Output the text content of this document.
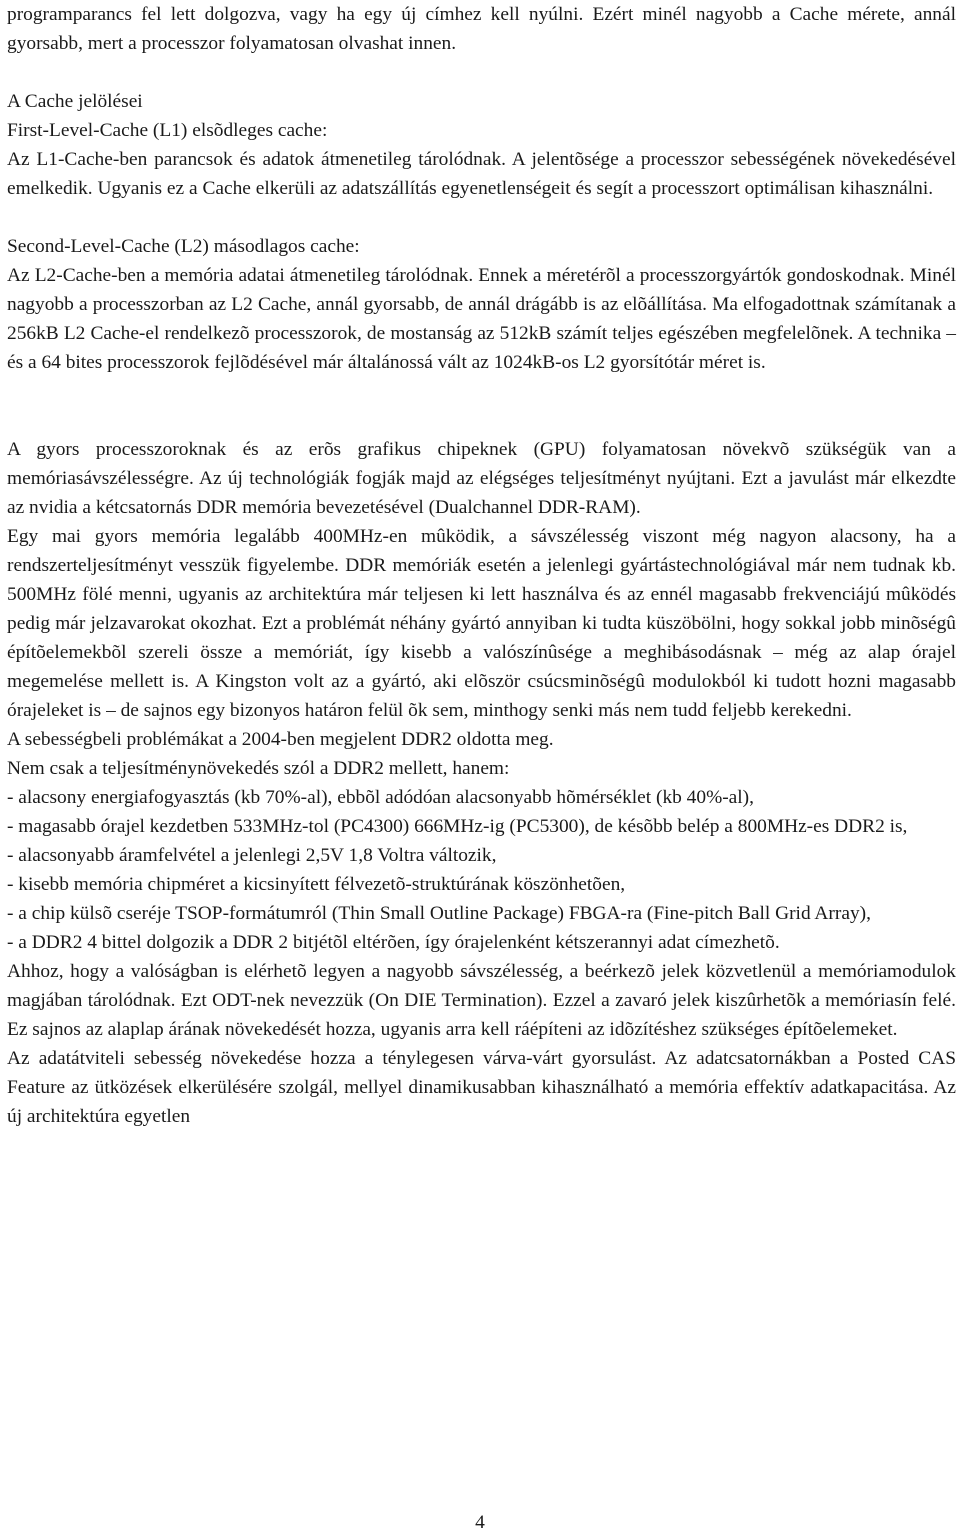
programparancs fel lett dolgozva, vagy ha egy új címhez kell nyúlni. Ezért minél nagyobb a Cache mérete, annál gyorsabb, mert a processzor folyamatosan olvashat innen.

A Cache jelölései

First-Level-Cache (L1) elsõdleges cache:

Az L1-Cache-ben parancsok és adatok átmenetileg tárolódnak. A jelentõsége a processzor sebességének növekedésével emelkedik. Ugyanis ez a Cache elkerüli az adatszállítás egyenetlenségeit és segít a processzort optimálisan kihasználni.

Second-Level-Cache (L2) másodlagos cache:

Az L2-Cache-ben a memória adatai átmenetileg tárolódnak. Ennek a méretérõl a processzorgyártók gondoskodnak. Minél nagyobb a processzorban az L2 Cache, annál gyorsabb, de annál drágább is az elõállítása. Ma elfogadottnak számítanak a 256kB L2 Cache-el rendelkezõ processzorok, de mostanság az 512kB számít teljes egészében megfelelõnek. A technika – és a 64 bites processzorok fejlõdésével már általánossá vált az 1024kB-os L2 gyorsítótár méret is.

A gyors processzoroknak és az erõs grafikus chipeknek (GPU) folyamatosan növekvõ szükségük van a memóriasávszélességre. Az új technológiák fogják majd az elégséges teljesítményt nyújtani. Ezt a javulást már elkezdte az nvidia a kétcsatornás DDR memória bevezetésével (Dualchannel DDR-RAM).

Egy mai gyors memória legalább 400MHz-en mûködik, a sávszélesség viszont még nagyon alacsony, ha a rendszerteljesítményt vesszük figyelembe. DDR memóriák esetén a jelenlegi gyártástechnológiával már nem tudnak kb. 500MHz fölé menni, ugyanis az architektúra már teljesen ki lett használva és az ennél magasabb frekvenciájú mûködés pedig már jelzavarokat okozhat. Ezt a problémát néhány gyártó annyiban ki tudta küszöbölni, hogy sokkal jobb minõségû építõelemekbõl szereli össze a memóriát, így kisebb a valószínûsége a meghibásodásnak – még az alap órajel megemelése mellett is. A Kingston volt az a gyártó, aki elõször csúcsminõségû modulokból ki tudott hozni magasabb órajeleket is – de sajnos egy bizonyos határon felül õk sem, minthogy senki más nem tudd feljebb kerekedni.

A sebességbeli problémákat a 2004-ben megjelent DDR2 oldotta meg.

Nem csak a teljesítménynövekedés szól a DDR2 mellett, hanem:

- alacsony energiafogyasztás (kb 70%-al), ebbõl adódóan alacsonyabb hõmérséklet (kb 40%-al),

- magasabb órajel kezdetben 533MHz-tol (PC4300) 666MHz-ig (PC5300), de késõbb belép a 800MHz-es DDR2 is,

- alacsonyabb áramfelvétel a jelenlegi 2,5V 1,8 Voltra változik,

- kisebb memória chipméret a kicsinyített félvezetõ-struktúrának köszönhetõen,

- a chip külsõ cseréje TSOP-formátumról (Thin Small Outline Package) FBGA-ra (Fine-pitch Ball Grid Array),

- a DDR2 4 bittel dolgozik a DDR 2 bitjétõl eltérõen, így órajelenként kétszerannyi adat címezhetõ.

Ahhoz, hogy a valóságban is elérhetõ legyen a nagyobb sávszélesség, a beérkezõ jelek közvetlenül a memóriamodulok magjában tárolódnak. Ezt ODT-nek nevezzük (On DIE Termination). Ezzel a zavaró jelek kiszûrhetõk a memóriasín felé. Ez sajnos az alaplap árának növekedését hozza, ugyanis arra kell ráépíteni az idõzítéshez szükséges építõelemeket.

Az adatátviteli sebesség növekedése hozza a ténylegesen várva-várt gyorsulást. Az adatcsatornákban a Posted CAS Feature az ütközések elkerülésére szolgál, mellyel dinamikusabban kihasználható a memória effektív adatkapacitása. Az új architektúra egyetlen

4
